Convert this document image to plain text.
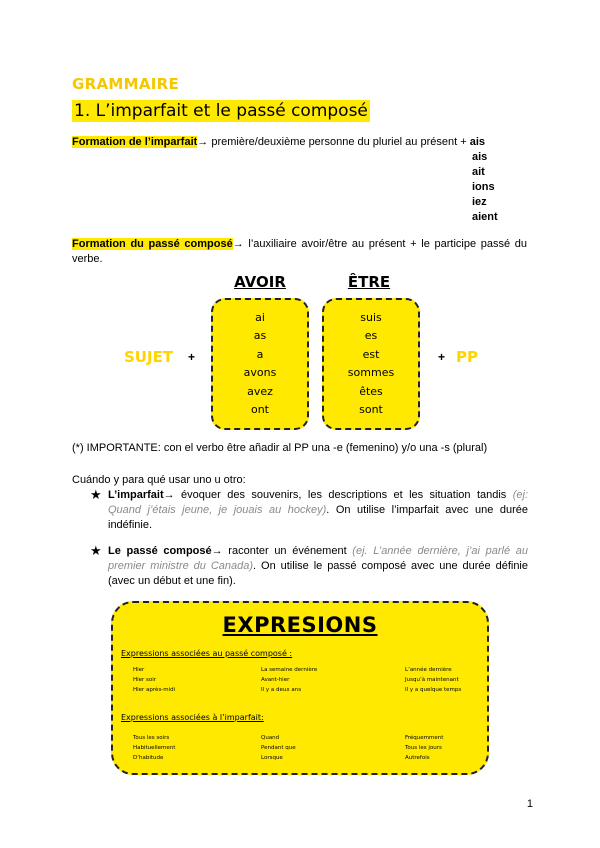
GRAMMAIRE
1. L’imparfait et le passé composé
Formation de l’imparfait→ première/deuxième personne du pluriel au présent + ais
ais
ait
ions
iez
aient
Formation du passé composé→ l’auxiliaire avoir/être au présent + le participe passé du verbe.
AVOIR	ÊTRE
ai
as
a
avons
avez
ont
suis
es
est
sommes
êtes
sont
SUJET +	+ PP
(*) IMPORTANTE: con el verbo être añadir al PP una -e (femenino) y/o una -s (plural)
Cuándo y para qué usar uno u otro:
★ L’imparfait→ évoquer des souvenirs, les descriptions et les situation tandis (ej: Quand j’étais jeune, je jouais au hockey). On utilise l’imparfait avec une durée indéfinie.
★ Le passé composé→ raconter un événement (ej. L’année dernière, j’ai parlé au premier ministre du Canada). On utilise le passé composé avec une durée définie (avec un début et une fin).
EXPRESIONS
Expressions associées au passé composé :
Hier
Hier soir
Hier après-midi
La semaine dernière
Avant-hier
Il y a deux ans
L’année dernière
Jusqu’à maintenant
Il y a quelque temps
Expressions associées à l’imparfait:
Tous les soirs
Habituellement
D’habitude
Quand
Pendant que
Lorsque
Fréquemment
Tous les jours
Autrefois
1
